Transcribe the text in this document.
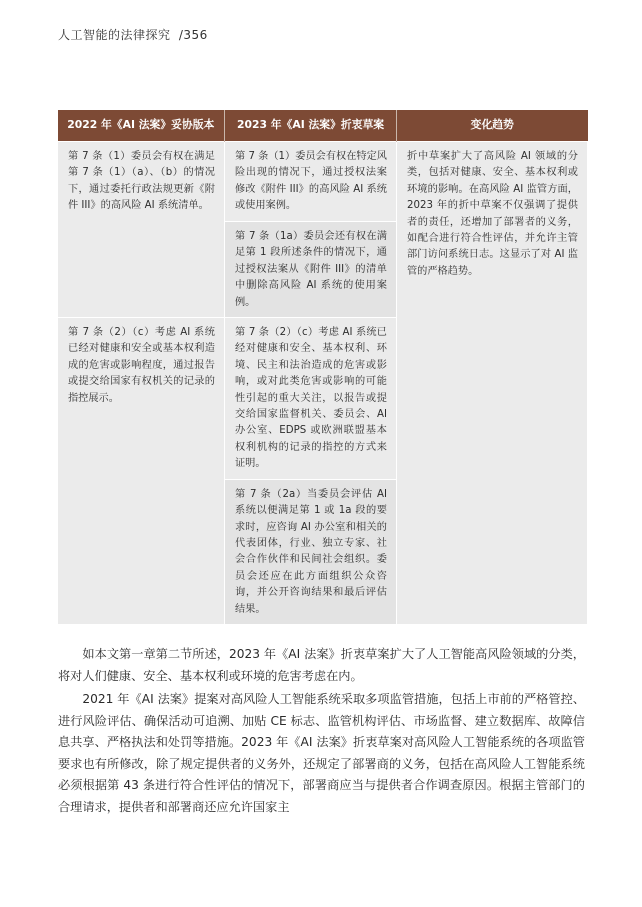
人工智能的法律探究 /356
2022 年《AI 法案》妥协版本	2023 年《AI 法案》折衷草案	变化趋势
第 7 条（1）委员会有权在满足第 7 条（1）（a）、（b）的情况下，通过委托行政法规更新《附件 III》的高风险 AI 系统清单。	第 7 条（1）委员会有权在特定风险出现的情况下，通过授权法案修改《附件 III》的高风险 AI 系统或使用案例。	折中草案扩大了高风险 AI 领域的分类，包括对健康、安全、基本权利或环境的影响。在高风险 AI 监管方面，2023 年的折中草案不仅强调了提供者的责任，还增加了部署者的义务，如配合进行符合性评估，并允许主管部门访问系统日志。这显示了对 AI 监管的严格趋势。
	第 7 条（1a）委员会还有权在满足第 1 段所述条件的情况下，通过授权法案从《附件 III》的清单中删除高风险 AI 系统的使用案例。	
第 7 条（2）（c）考虑 AI 系统已经对健康和安全或基本权利造成的危害或影响程度，通过报告或提交给国家有权机关的记录的指控展示。	第 7 条（2）（c）考虑 AI 系统已经对健康和安全、基本权利、环境、民主和法治造成的危害或影响，或对此类危害或影响的可能性引起的重大关注，以报告或提交给国家监督机关、委员会、AI 办公室、EDPS 或欧洲联盟基本权利机构的记录的指控的方式来证明。	
	第 7 条（2a）当委员会评估 AI 系统以便满足第 1 或 1a 段的要求时，应咨询 AI 办公室和相关的代表团体，行业、独立专家、社会合作伙伴和民间社会组织。委员会还应在此方面组织公众咨询，并公开咨询结果和最后评估结果。	

如本文第一章第二节所述，2023 年《AI 法案》折衷草案扩大了人工智能高风险领域的分类，将对人们健康、安全、基本权利或环境的危害考虑在内。

2021 年《AI 法案》提案对高风险人工智能系统采取多项监管措施，包括上市前的严格管控、进行风险评估、确保活动可追溯、加贴 CE 标志、监管机构评估、市场监督、建立数据库、故障信息共享、严格执法和处罚等措施。2023 年《AI 法案》折衷草案对高风险人工智能系统的各项监管要求也有所修改，除了规定提供者的义务外，还规定了部署商的义务，包括在高风险人工智能系统必须根据第 43 条进行符合性评估的情况下，部署商应当与提供者合作调查原因。根据主管部门的合理请求，提供者和部署商还应允许国家主
